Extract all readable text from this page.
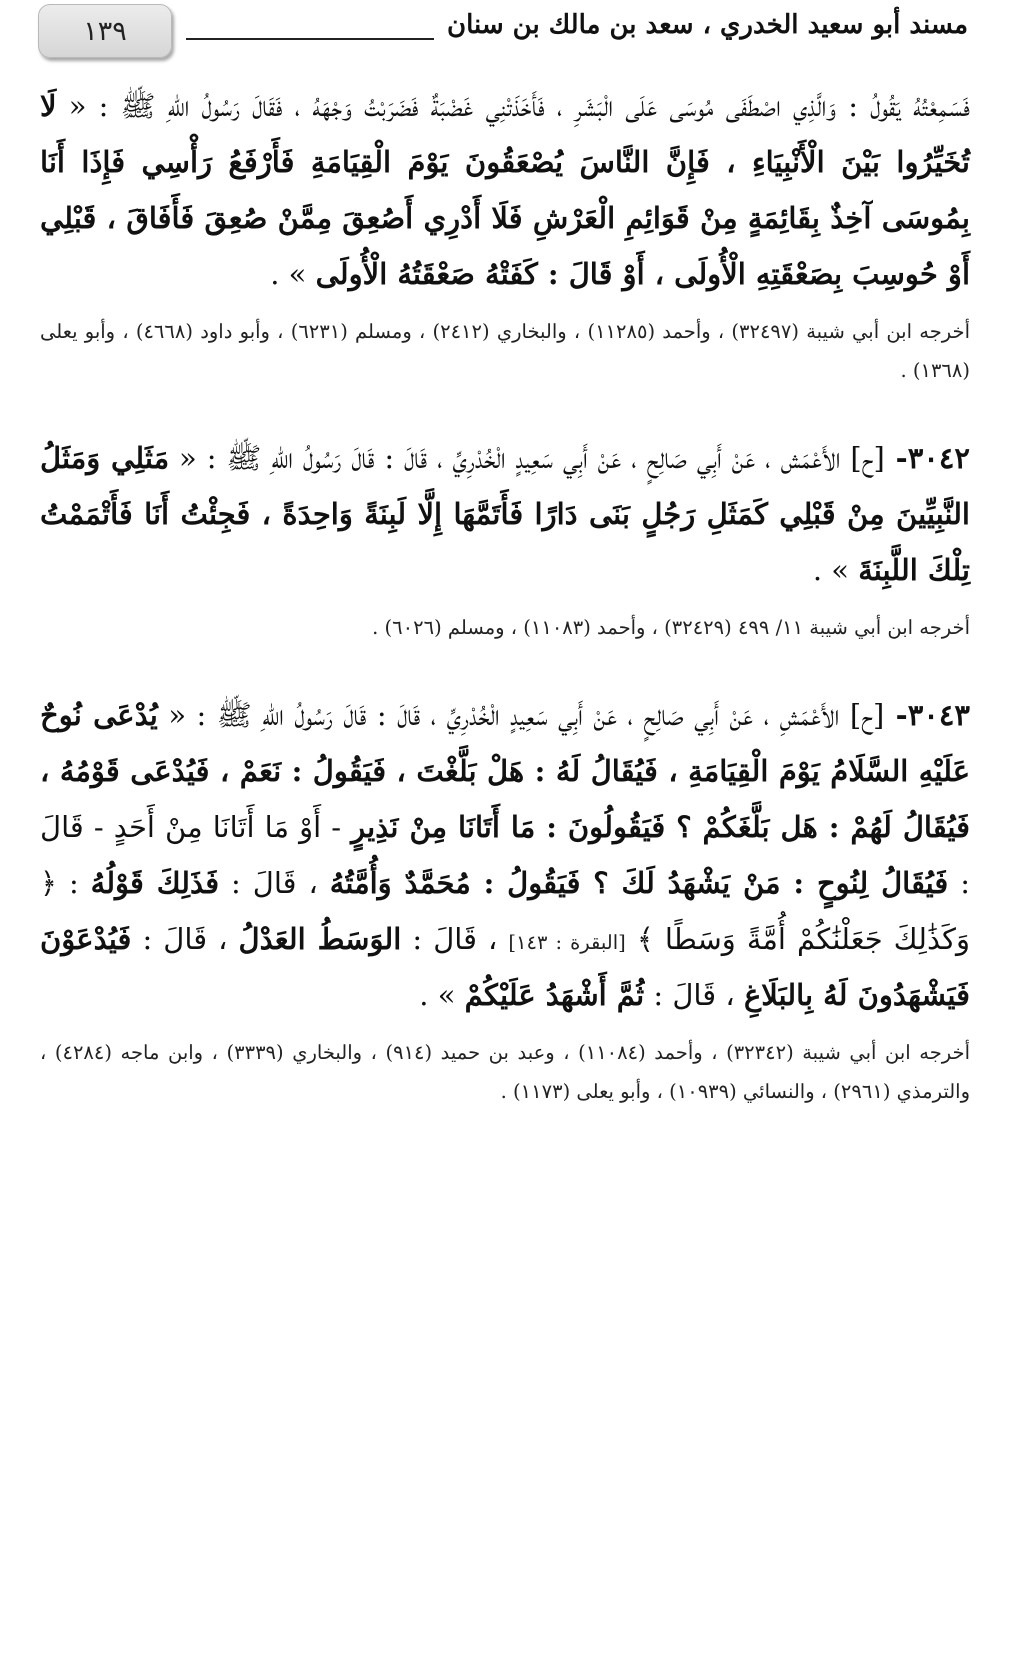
١٣٩	مسند أبو سعيد الخدري ، سعد بن مالك بن سنان

فَسَمِعْتُهُ يَقُولُ : وَالَّذِي اصْطَفَى مُوسَى عَلَى الْبَشَرِ ، فَأَخَذَتْنِي غَضْبَةٌ فَضَرَبْتُ وَجْهَهُ ، فَقَالَ رَسُولُ اللهِ ﷺ : « لَا تُخَيِّرُوا بَيْنَ الْأَنْبِيَاءِ ، فَإِنَّ النَّاسَ يُصْعَقُونَ يَوْمَ الْقِيَامَةِ فَأَرْفَعُ رَأْسِي فَإِذَا أَنَا بِمُوسَى آخِذٌ بِقَائِمَةٍ مِنْ قَوَائِمِ الْعَرْشِ فَلَا أَدْرِي أَصُعِقَ مِمَّنْ صُعِقَ فَأَفَاقَ ، قَبْلِي أَوْ حُوسِبَ بِصَعْقَتِهِ الْأُولَى ، أَوْ قَالَ : كَفَتْهُ صَعْقَتُهُ الْأُولَى » .

أخرجه ابن أبي شيبة (٣٢٤٩٧) ، وأحمد (١١٢٨٥) ، والبخاري (٢٤١٢) ، ومسلم (٦٢٣١) ، وأبو داود (٤٦٦٨) ، وأبو يعلى (١٣٦٨) .

٣٠٤٢- [ح] الأَعْمَش ، عَنْ أَبِي صَالِحٍ ، عَنْ أَبِي سَعِيدٍ الْخُدْرِيِّ ، قَالَ : قَالَ رَسُولُ اللهِ ﷺ : « مَثَلِي وَمَثَلُ النَّبِيِّينَ مِنْ قَبْلِي كَمَثَلِ رَجُلٍ بَنَى دَارًا فَأَتَمَّهَا إِلَّا لَبِنَةً وَاحِدَةً ، فَجِئْتُ أَنَا فَأَتْمَمْتُ تِلْكَ اللَّبِنَةَ » .

أخرجه ابن أبي شيبة ١١/ ٤٩٩ (٣٢٤٢٩) ، وأحمد (١١٠٨٣) ، ومسلم (٦٠٢٦) .

٣٠٤٣- [ح] الأَعْمَشِ ، عَنْ أَبِي صَالِحٍ ، عَنْ أَبِي سَعِيدٍ الْخُدْرِيِّ ، قَالَ : قَالَ رَسُولُ اللهِ ﷺ : « يُدْعَى نُوحٌ عَلَيْهِ السَّلَامُ يَوْمَ الْقِيَامَةِ ، فَيُقَالُ لَهُ : هَلْ بَلَّغْتَ ، فَيَقُولُ : نَعَمْ ، فَيُدْعَى قَوْمُهُ ، فَيُقَالُ لَهُمْ : هَل بَلَّغَكُمْ ؟ فَيَقُولُونَ : مَا أَتَانَا مِنْ نَذِيرٍ - أَوْ مَا أَتَانَا مِنْ أَحَدٍ - قَالَ : فَيُقَالُ لِنُوحٍ : مَنْ يَشْهَدُ لَكَ ؟ فَيَقُولُ : مُحَمَّدٌ وَأُمَّتُهُ ، قَالَ : فَذَلِكَ قَوْلُهُ : ﴿ وَكَذَٰلِكَ جَعَلْنَٰكُمْ أُمَّةً وَسَطًا ﴾ [البقرة : ١٤٣] ، قَالَ : الوَسَطُ العَدْلُ ، قَالَ : فَيُدْعَوْنَ فَيَشْهَدُونَ لَهُ بِالبَلَاغِ ، قَالَ : ثُمَّ أَشْهَدُ عَلَيْكُمْ » .

أخرجه ابن أبي شيبة (٣٢٣٤٢) ، وأحمد (١١٠٨٤) ، وعبد بن حميد (٩١٤) ، والبخاري (٣٣٣٩) ، وابن ماجه (٤٢٨٤) ، والترمذي (٢٩٦١) ، والنسائي (١٠٩٣٩) ، وأبو يعلى (١١٧٣) .
